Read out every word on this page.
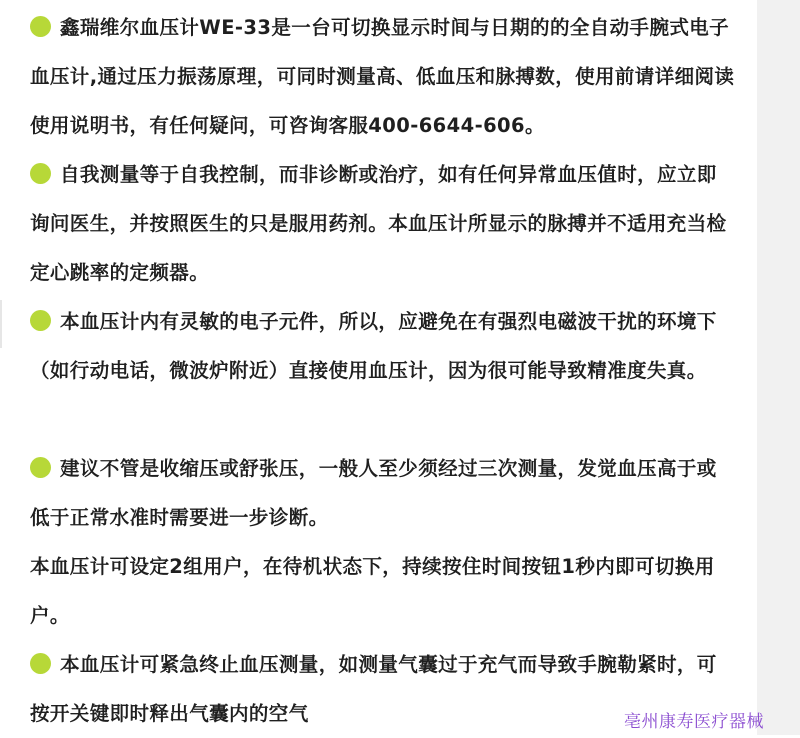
鑫瑞维尔血压计WE-33是一台可切换显示时间与日期的的全自动手腕式电子血压计,通过压力振荡原理，可同时测量高、低血压和脉搏数，使用前请详细阅读使用说明书，有任何疑问，可咨询客服400-6644-606。

自我测量等于自我控制，而非诊断或治疗，如有任何异常血压值时，应立即询问医生，并按照医生的只是服用药剂。本血压计所显示的脉搏并不适用充当检定心跳率的定频器。

本血压计内有灵敏的电子元件，所以，应避免在有强烈电磁波干扰的环境下（如行动电话，微波炉附近）直接使用血压计，因为很可能导致精准度失真。

建议不管是收缩压或舒张压，一般人至少须经过三次测量，发觉血压高于或低于正常水准时需要进一步诊断。

本血压计可设定2组用户，在待机状态下，持续按住时间按钮1秒内即可切换用户。

本血压计可紧急终止血压测量，如测量气囊过于充气而导致手腕勒紧时，可按开关键即时释出气囊内的空气	亳州康寿医疗器械
